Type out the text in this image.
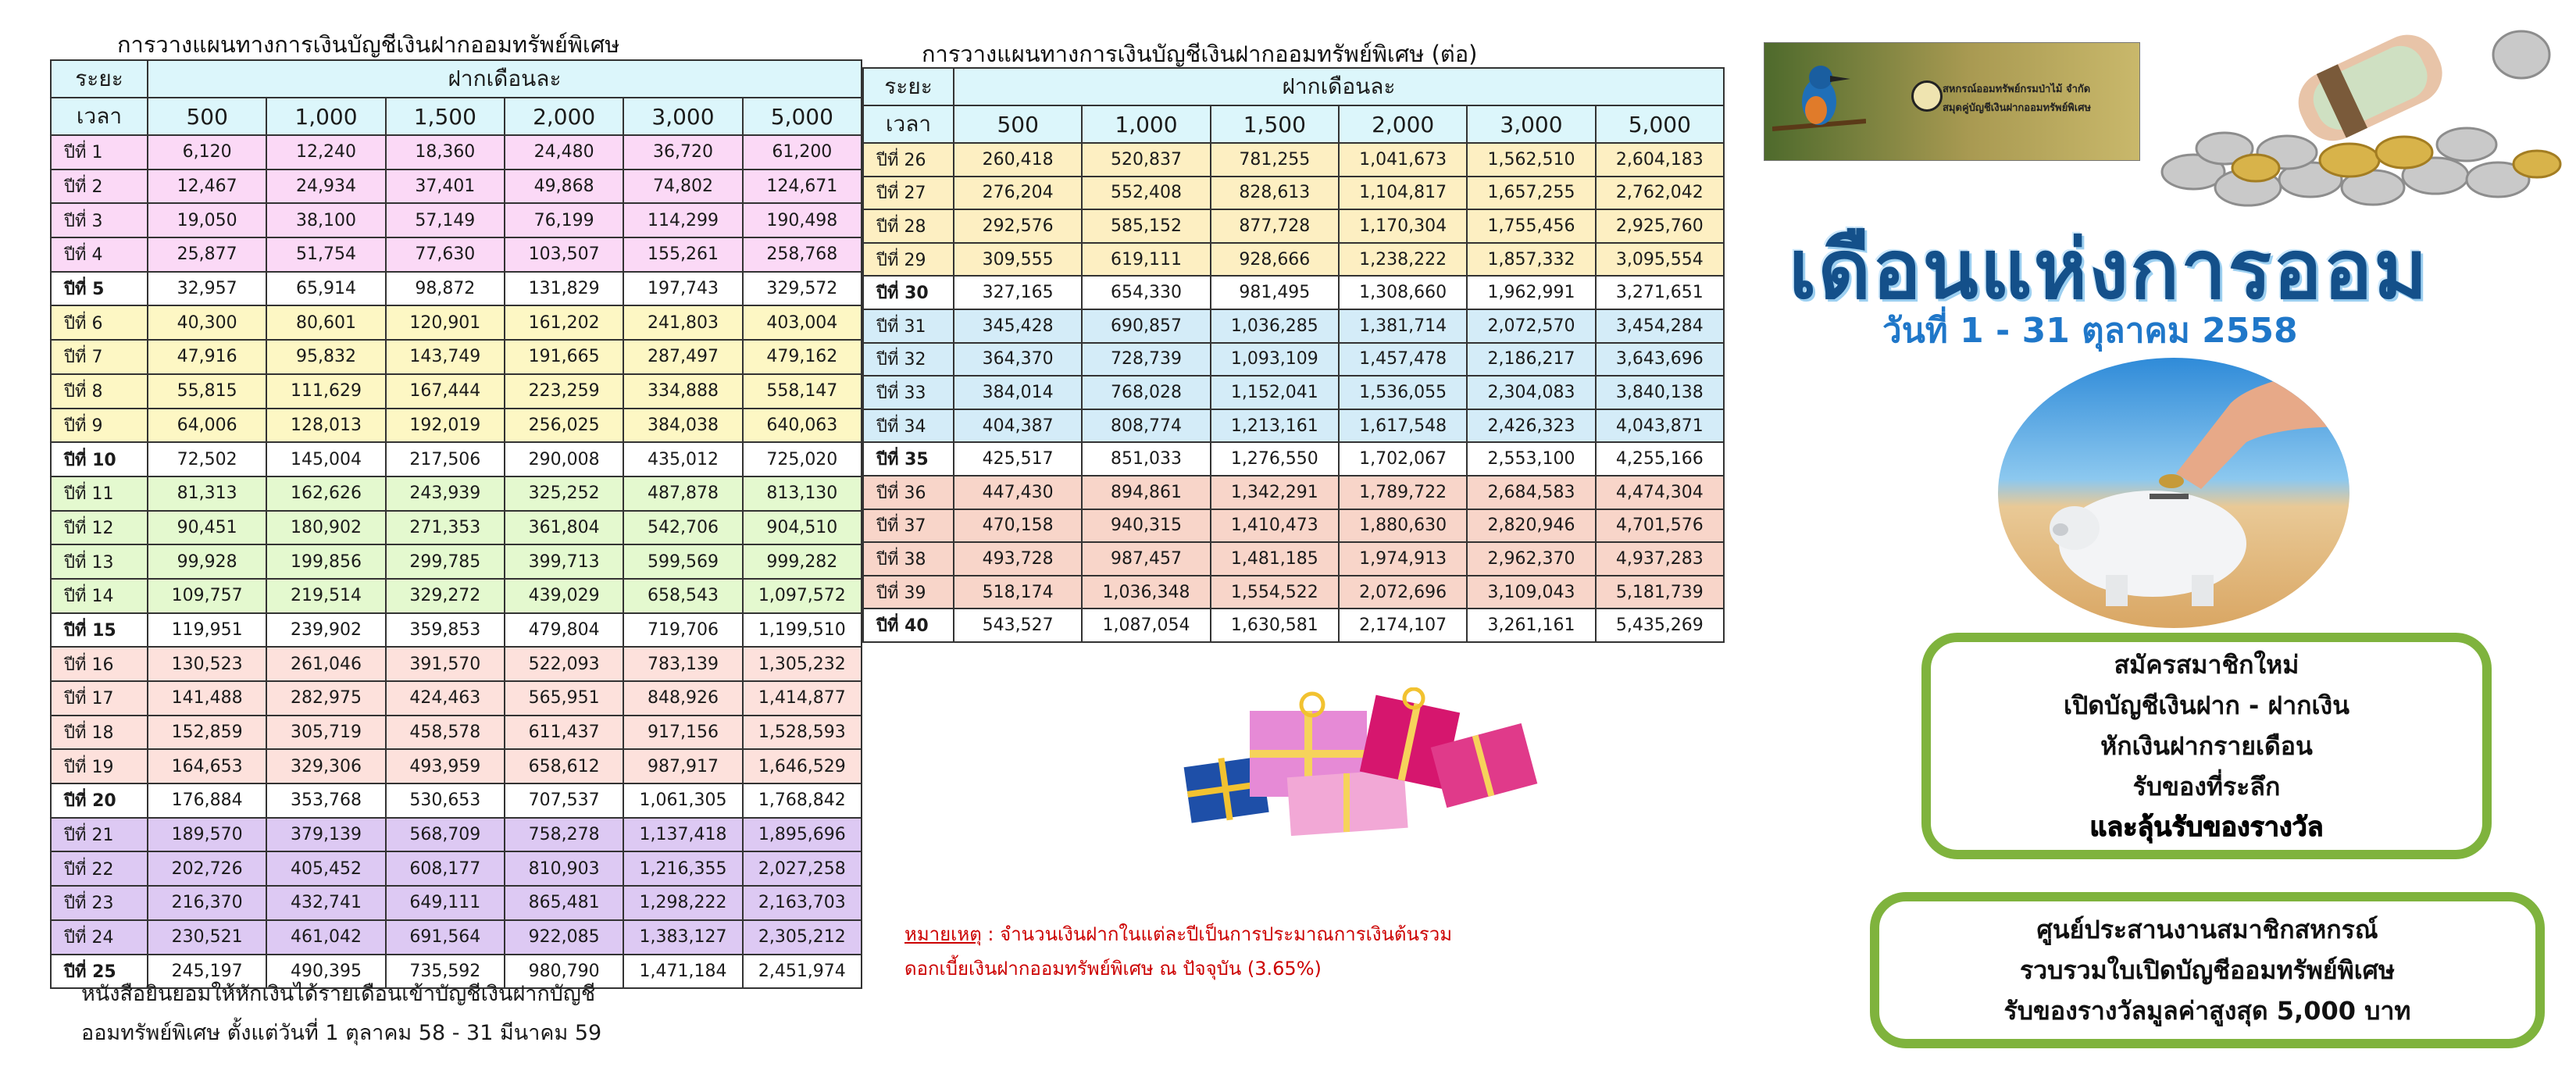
การวางแผนทางการเงินบัญชีเงินฝากออมทรัพย์พิเศษ
ระยะ	ฝากเดือนละ					
เวลา	500	1,000	1,500	2,000	3,000	5,000
ปีที่ 1	6,120	12,240	18,360	24,480	36,720	61,200
ปีที่ 2	12,467	24,934	37,401	49,868	74,802	124,671
ปีที่ 3	19,050	38,100	57,149	76,199	114,299	190,498
ปีที่ 4	25,877	51,754	77,630	103,507	155,261	258,768
ปีที่ 5	32,957	65,914	98,872	131,829	197,743	329,572
ปีที่ 6	40,300	80,601	120,901	161,202	241,803	403,004
ปีที่ 7	47,916	95,832	143,749	191,665	287,497	479,162
ปีที่ 8	55,815	111,629	167,444	223,259	334,888	558,147
ปีที่ 9	64,006	128,013	192,019	256,025	384,038	640,063
ปีที่ 10	72,502	145,004	217,506	290,008	435,012	725,020
ปีที่ 11	81,313	162,626	243,939	325,252	487,878	813,130
ปีที่ 12	90,451	180,902	271,353	361,804	542,706	904,510
ปีที่ 13	99,928	199,856	299,785	399,713	599,569	999,282
ปีที่ 14	109,757	219,514	329,272	439,029	658,543	1,097,572
ปีที่ 15	119,951	239,902	359,853	479,804	719,706	1,199,510
ปีที่ 16	130,523	261,046	391,570	522,093	783,139	1,305,232
ปีที่ 17	141,488	282,975	424,463	565,951	848,926	1,414,877
ปีที่ 18	152,859	305,719	458,578	611,437	917,156	1,528,593
ปีที่ 19	164,653	329,306	493,959	658,612	987,917	1,646,529
ปีที่ 20	176,884	353,768	530,653	707,537	1,061,305	1,768,842
ปีที่ 21	189,570	379,139	568,709	758,278	1,137,418	1,895,696
ปีที่ 22	202,726	405,452	608,177	810,903	1,216,355	2,027,258
ปีที่ 23	216,370	432,741	649,111	865,481	1,298,222	2,163,703
ปีที่ 24	230,521	461,042	691,564	922,085	1,383,127	2,305,212
ปีที่ 25	245,197	490,395	735,592	980,790	1,471,184	2,451,974
หนังสือยินยอมให้หักเงินได้รายเดือนเข้าบัญชีเงินฝากบัญชี
ออมทรัพย์พิเศษ ตั้งแต่วันที่ 1 ตุลาคม 58 - 31 มีนาคม 59
การวางแผนทางการเงินบัญชีเงินฝากออมทรัพย์พิเศษ (ต่อ)
ระยะ	ฝากเดือนละ					
เวลา	500	1,000	1,500	2,000	3,000	5,000
ปีที่ 26	260,418	520,837	781,255	1,041,673	1,562,510	2,604,183
ปีที่ 27	276,204	552,408	828,613	1,104,817	1,657,255	2,762,042
ปีที่ 28	292,576	585,152	877,728	1,170,304	1,755,456	2,925,760
ปีที่ 29	309,555	619,111	928,666	1,238,222	1,857,332	3,095,554
ปีที่ 30	327,165	654,330	981,495	1,308,660	1,962,991	3,271,651
ปีที่ 31	345,428	690,857	1,036,285	1,381,714	2,072,570	3,454,284
ปีที่ 32	364,370	728,739	1,093,109	1,457,478	2,186,217	3,643,696
ปีที่ 33	384,014	768,028	1,152,041	1,536,055	2,304,083	3,840,138
ปีที่ 34	404,387	808,774	1,213,161	1,617,548	2,426,323	4,043,871
ปีที่ 35	425,517	851,033	1,276,550	1,702,067	2,553,100	4,255,166
ปีที่ 36	447,430	894,861	1,342,291	1,789,722	2,684,583	4,474,304
ปีที่ 37	470,158	940,315	1,410,473	1,880,630	2,820,946	4,701,576
ปีที่ 38	493,728	987,457	1,481,185	1,974,913	2,962,370	4,937,283
ปีที่ 39	518,174	1,036,348	1,554,522	2,072,696	3,109,043	5,181,739
ปีที่ 40	543,527	1,087,054	1,630,581	2,174,107	3,261,161	5,435,269
หมายเหตุ : จำนวนเงินฝากในแต่ละปีเป็นการประมาณการเงินต้นรวม
ดอกเบี้ยเงินฝากออมทรัพย์พิเศษ ณ ปัจจุบัน (3.65%)
สหกรณ์ออมทรัพย์กรมป่าไม้ จำกัด
สมุดคู่บัญชีเงินฝากออมทรัพย์พิเศษ
เดือนแห่งการออม
วันที่ 1 - 31 ตุลาคม 2558
สมัครสมาชิกใหม่
เปิดบัญชีเงินฝาก - ฝากเงิน
หักเงินฝากรายเดือน
รับของที่ระลึก
และลุ้นรับของรางวัล
ศูนย์ประสานงานสมาชิกสหกรณ์
รวบรวมใบเปิดบัญชีออมทรัพย์พิเศษ
รับของรางวัลมูลค่าสูงสุด 5,000 บาท
